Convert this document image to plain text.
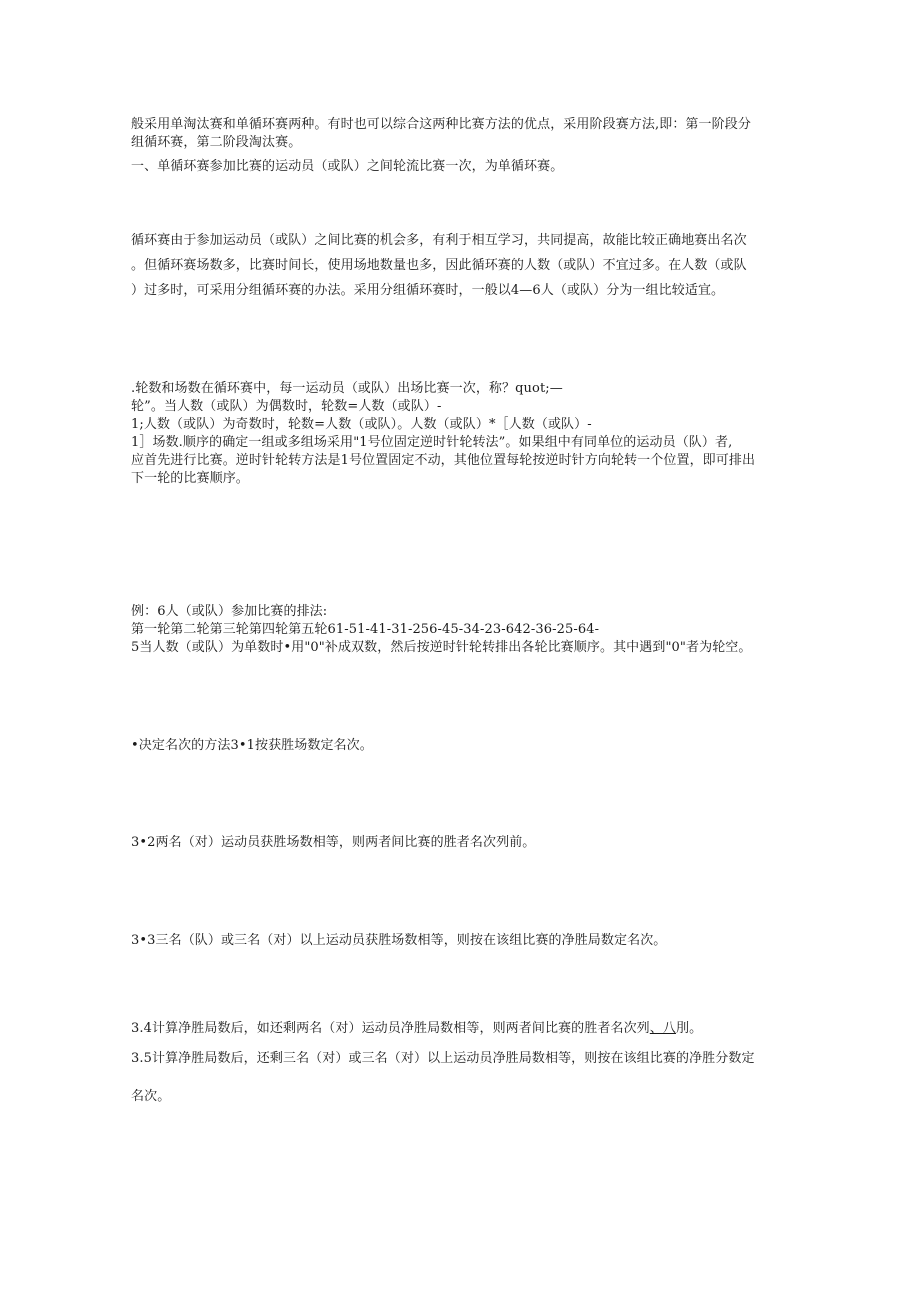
般采用单淘汰赛和单循环赛两种。有时也可以综合这两种比赛方法的优点，采用阶段赛方法,即：第一阶段分
组循环赛，第二阶段淘汰赛。
一、单循环赛参加比赛的运动员（或队）之间轮流比赛一次，为单循环赛。
循环赛由于参加运动员（或队）之间比赛的机会多，有利于相互学习，共同提高，故能比较正确地赛出名次
。但循环赛场数多，比赛时间长，使用场地数量也多，因此循环赛的人数（或队）不宜过多。在人数（或队
）过多时，可采用分组循环赛的办法。采用分组循环赛时，一般以4—6人（或队）分为一组比较适宜。
.轮数和场数在循环赛中，每一运动员（或队）出场比赛一次，称？quot;—
轮”。当人数（或队）为偶数时，轮数=人数（或队）-
1;人数（或队）为奇数时，轮数=人数（或队）。人数（或队）*［人数（或队）-
1］场数.顺序的确定一组或多组场采用"1号位固定逆时针轮转法”。如果组中有同单位的运动员（队）者,
应首先进行比赛。逆时针轮转方法是1号位置固定不动，其他位置每轮按逆时针方向轮转一个位置，即可排出
下一轮的比赛顺序。
例：6人（或队）参加比赛的排法:
第一轮第二轮第三轮第四轮第五轮61-51-41-31-256-45-34-23-642-36-25-64-
5当人数（或队）为单数时•用"0"补成双数，然后按逆时针轮转排出各轮比赛顺序。其中遇到"0"者为轮空。
•决定名次的方法3•1按获胜场数定名次。
3•2两名（对）运动员获胜场数相等，则两者间比赛的胜者名次列前。
3•3三名（队）或三名（对）以上运动员获胜场数相等，则按在该组比赛的净胜局数定名次。
3.4计算净胜局数后，如还剩两名（对）运动员净胜局数相等，则两者间比赛的胜者名次列、八刖。
3.5计算净胜局数后，还剩三名（对）或三名（对）以上运动员净胜局数相等，则按在该组比赛的净胜分数定
名次。
